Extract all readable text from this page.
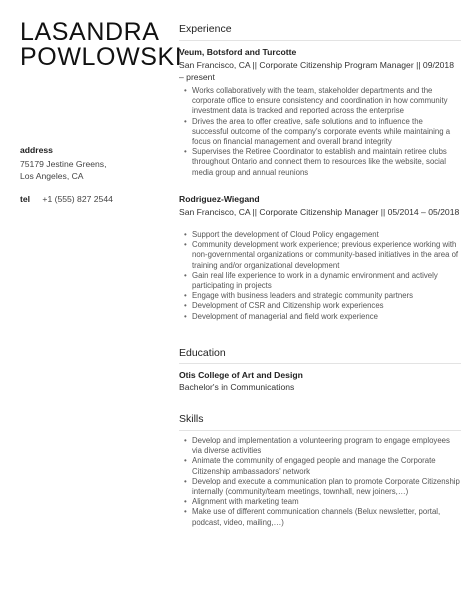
LASANDRA
POWLOWSKI
address
75179 Jestine Greens,
Los Angeles, CA
tel +1 (555) 827 2544
Experience
Veum, Botsford and Turcotte
San Francisco, CA || Corporate Citizenship Program Manager || 09/2018 – present
• Works collaboratively with the team, stakeholder departments and the corporate office to ensure consistency and coordination in how community investment data is tracked and reported across the enterprise
• Drives the area to offer creative, safe solutions and to influence the successful outcome of the company's corporate events while maintaining a focus on financial management and overall brand integrity
• Supervises the Retiree Coordinator to establish and maintain retiree clubs throughout Ontario and connect them to resources like the website, social media group and annual reunions
Rodriguez-Wiegand
San Francisco, CA || Corporate Citizenship Manager || 05/2014 – 05/2018
• Support the development of Cloud Policy engagement
• Community development work experience; previous experience working with non-governmental organizations or community-based initiatives in the area of training and/or organizational development
• Gain real life experience to work in a dynamic environment and actively participating in projects
• Engage with business leaders and strategic community partners
• Development of CSR and Citizenship work experiences
• Development of managerial and field work experience
Education
Otis College of Art and Design
Bachelor's in Communications
Skills
• Develop and implementation a volunteering program to engage employees via diverse activities
• Animate the community of engaged people and manage the Corporate Citizenship ambassadors' network
• Develop and execute a communication plan to promote Corporate Citizenship internally (community/team meetings, townhall, new joiners,…)
• Alignment with marketing team
• Make use of different communication channels (Belux newsletter, portal, podcast, video, mailing,…)
